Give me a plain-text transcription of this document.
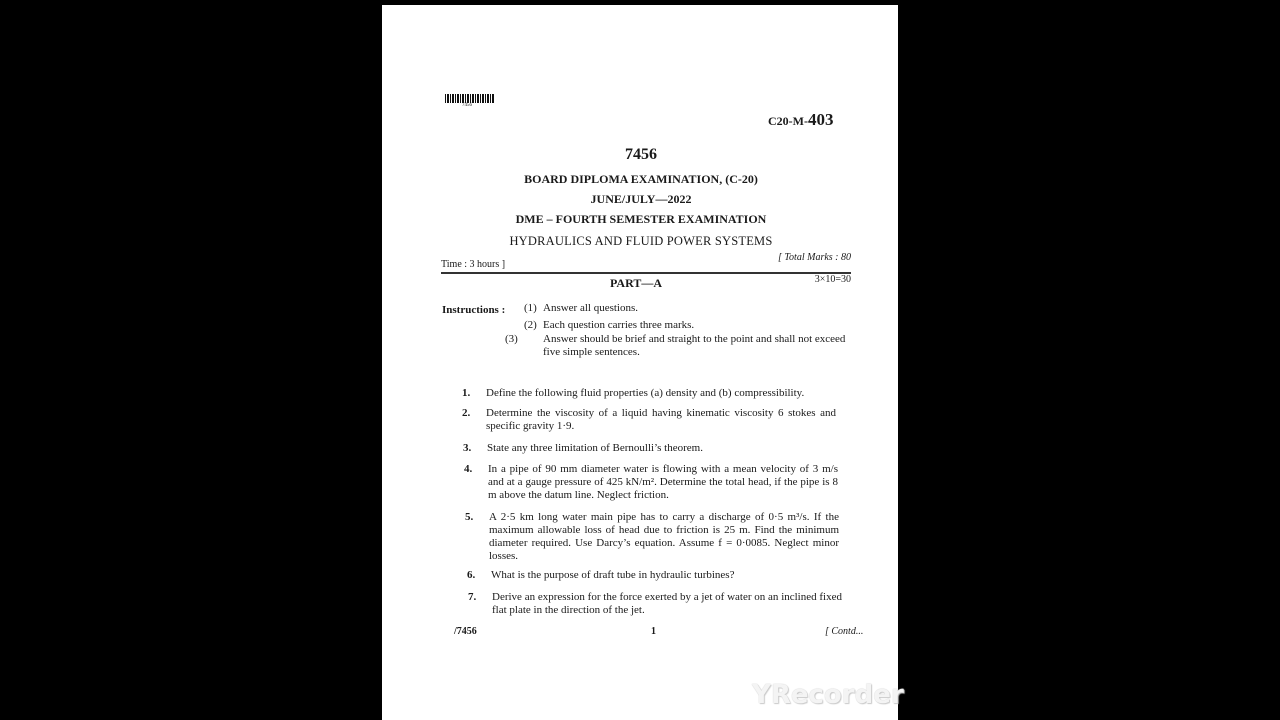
7456
C20-M-403
7456
BOARD DIPLOMA EXAMINATION, (C-20)
JUNE/JULY—2022
DME – FOURTH SEMESTER EXAMINATION
HYDRAULICS AND FLUID POWER SYSTEMS
Time : 3 hours ]
[ Total Marks : 80
PART—A	3×10=30
Instructions : (1) Answer all questions.
(2) Each question carries three marks.
(3) Answer should be brief and straight to the point and shall not exceed five simple sentences.
1. Define the following fluid properties (a) density and (b) compressibility.
2. Determine the viscosity of a liquid having kinematic viscosity 6 stokes and specific gravity 1·9.
3. State any three limitation of Bernoulli’s theorem.
4. In a pipe of 90 mm diameter water is flowing with a mean velocity of 3 m/s and at a gauge pressure of 425 kN/m². Determine the total head, if the pipe is 8 m above the datum line. Neglect friction.
5. A 2·5 km long water main pipe has to carry a discharge of 0·5 m³/s. If the maximum allowable loss of head due to friction is 25 m. Find the minimum diameter required. Use Darcy’s equation. Assume f = 0·0085. Neglect minor losses.
6. What is the purpose of draft tube in hydraulic turbines?
7. Derive an expression for the force exerted by a jet of water on an inclined fixed flat plate in the direction of the jet.
/7456	1	[ Contd...
YRecorder
